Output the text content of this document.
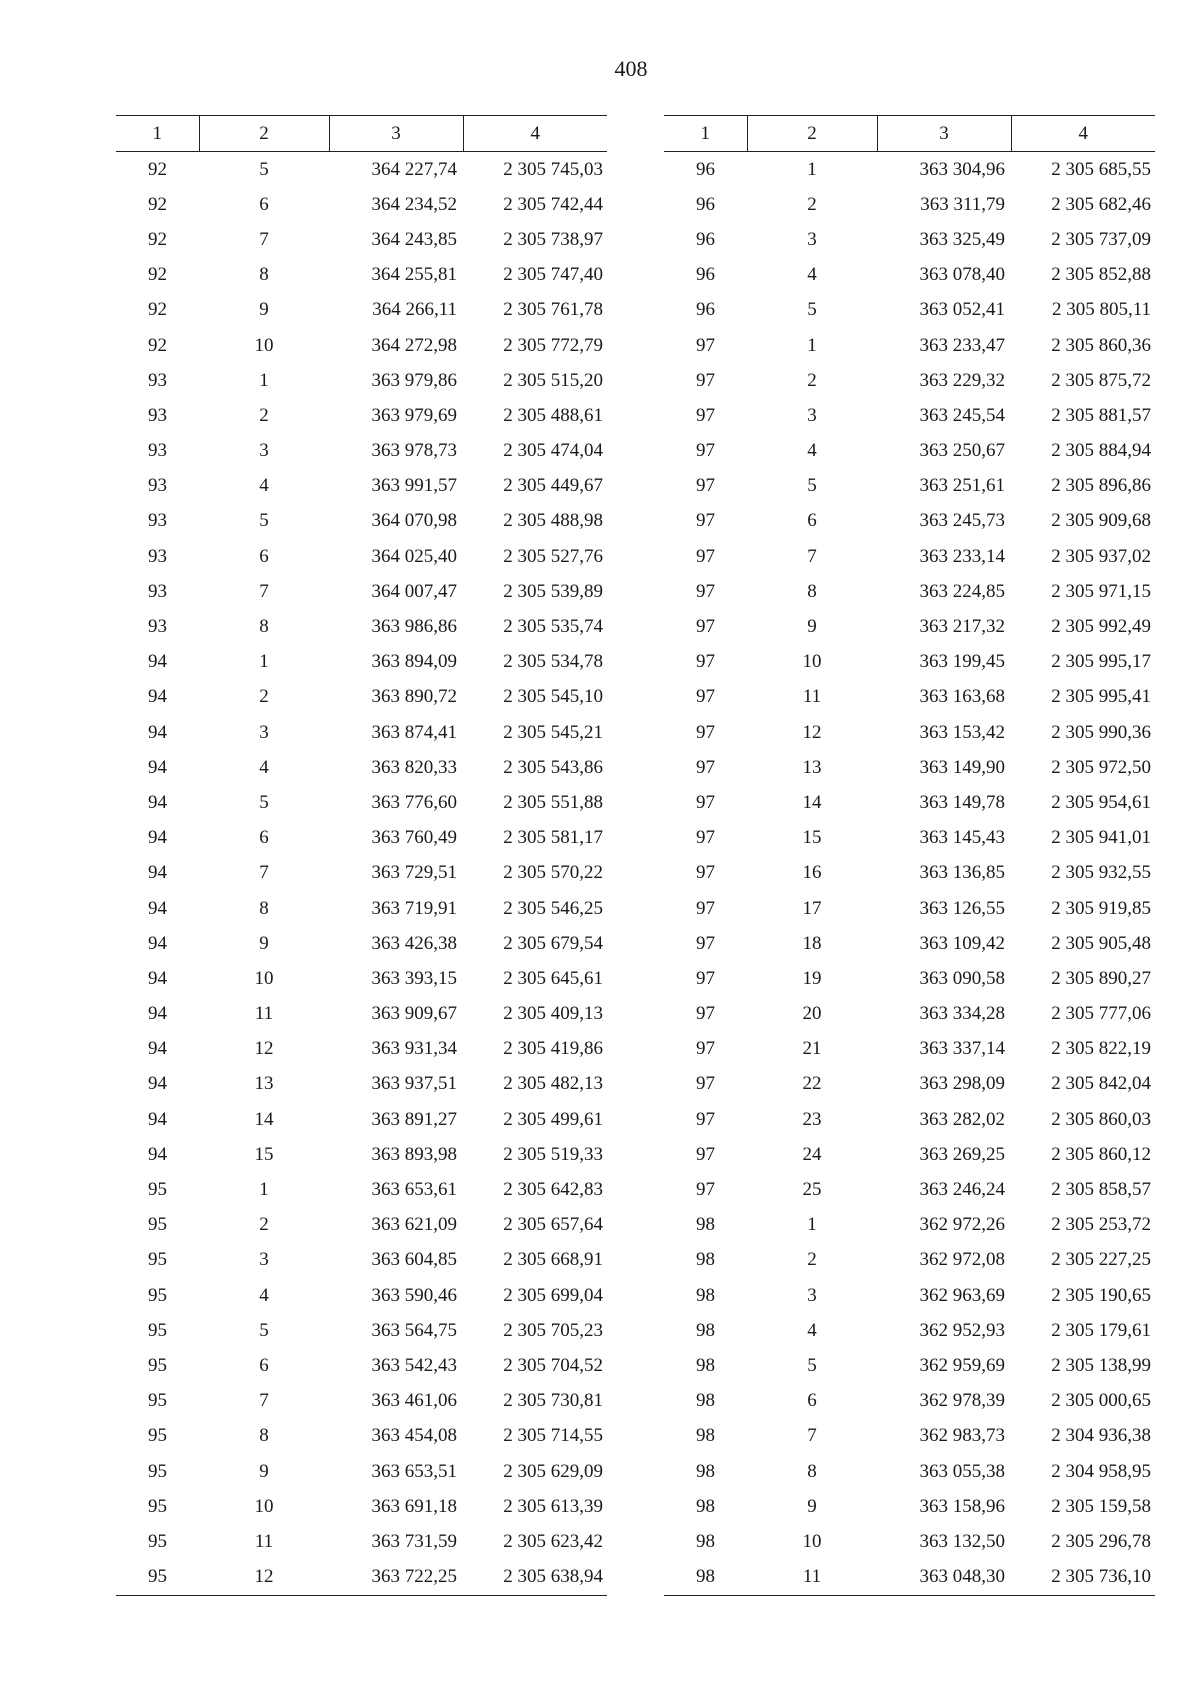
408
1	2	3	4
92	5	364 227,74	2 305 745,03
92	6	364 234,52	2 305 742,44
92	7	364 243,85	2 305 738,97
92	8	364 255,81	2 305 747,40
92	9	364 266,11	2 305 761,78
92	10	364 272,98	2 305 772,79
93	1	363 979,86	2 305 515,20
93	2	363 979,69	2 305 488,61
93	3	363 978,73	2 305 474,04
93	4	363 991,57	2 305 449,67
93	5	364 070,98	2 305 488,98
93	6	364 025,40	2 305 527,76
93	7	364 007,47	2 305 539,89
93	8	363 986,86	2 305 535,74
94	1	363 894,09	2 305 534,78
94	2	363 890,72	2 305 545,10
94	3	363 874,41	2 305 545,21
94	4	363 820,33	2 305 543,86
94	5	363 776,60	2 305 551,88
94	6	363 760,49	2 305 581,17
94	7	363 729,51	2 305 570,22
94	8	363 719,91	2 305 546,25
94	9	363 426,38	2 305 679,54
94	10	363 393,15	2 305 645,61
94	11	363 909,67	2 305 409,13
94	12	363 931,34	2 305 419,86
94	13	363 937,51	2 305 482,13
94	14	363 891,27	2 305 499,61
94	15	363 893,98	2 305 519,33
95	1	363 653,61	2 305 642,83
95	2	363 621,09	2 305 657,64
95	3	363 604,85	2 305 668,91
95	4	363 590,46	2 305 699,04
95	5	363 564,75	2 305 705,23
95	6	363 542,43	2 305 704,52
95	7	363 461,06	2 305 730,81
95	8	363 454,08	2 305 714,55
95	9	363 653,51	2 305 629,09
95	10	363 691,18	2 305 613,39
95	11	363 731,59	2 305 623,42
95	12	363 722,25	2 305 638,94
1	2	3	4
96	1	363 304,96	2 305 685,55
96	2	363 311,79	2 305 682,46
96	3	363 325,49	2 305 737,09
96	4	363 078,40	2 305 852,88
96	5	363 052,41	2 305 805,11
97	1	363 233,47	2 305 860,36
97	2	363 229,32	2 305 875,72
97	3	363 245,54	2 305 881,57
97	4	363 250,67	2 305 884,94
97	5	363 251,61	2 305 896,86
97	6	363 245,73	2 305 909,68
97	7	363 233,14	2 305 937,02
97	8	363 224,85	2 305 971,15
97	9	363 217,32	2 305 992,49
97	10	363 199,45	2 305 995,17
97	11	363 163,68	2 305 995,41
97	12	363 153,42	2 305 990,36
97	13	363 149,90	2 305 972,50
97	14	363 149,78	2 305 954,61
97	15	363 145,43	2 305 941,01
97	16	363 136,85	2 305 932,55
97	17	363 126,55	2 305 919,85
97	18	363 109,42	2 305 905,48
97	19	363 090,58	2 305 890,27
97	20	363 334,28	2 305 777,06
97	21	363 337,14	2 305 822,19
97	22	363 298,09	2 305 842,04
97	23	363 282,02	2 305 860,03
97	24	363 269,25	2 305 860,12
97	25	363 246,24	2 305 858,57
98	1	362 972,26	2 305 253,72
98	2	362 972,08	2 305 227,25
98	3	362 963,69	2 305 190,65
98	4	362 952,93	2 305 179,61
98	5	362 959,69	2 305 138,99
98	6	362 978,39	2 305 000,65
98	7	362 983,73	2 304 936,38
98	8	363 055,38	2 304 958,95
98	9	363 158,96	2 305 159,58
98	10	363 132,50	2 305 296,78
98	11	363 048,30	2 305 736,10
